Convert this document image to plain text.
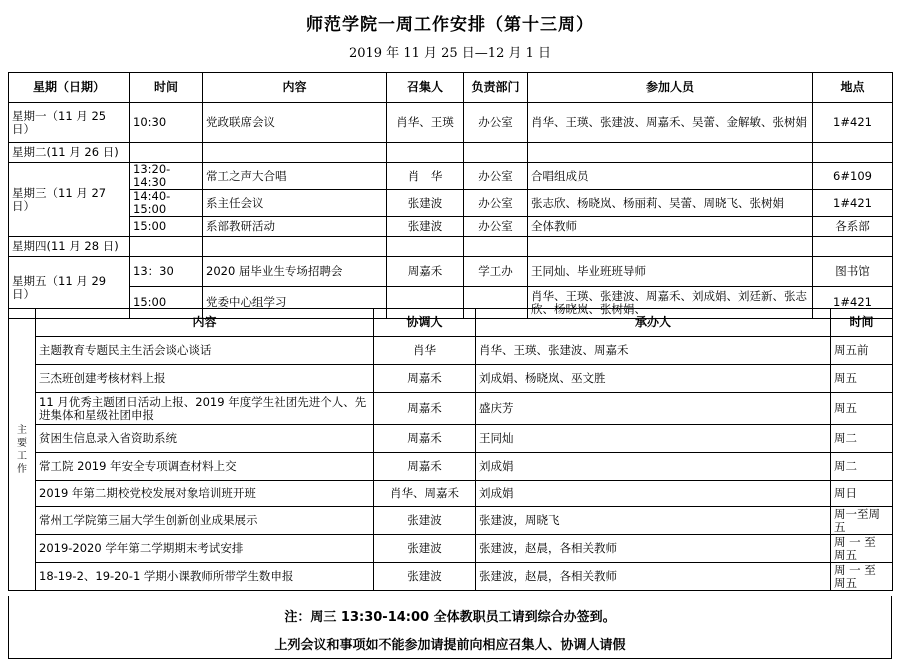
师范学院一周工作安排（第十三周）
2019 年 11 月 25 日—12 月 1 日
星期（日期）	时间	内容	召集人	负责部门	参加人员	地点
星期一（11 月 25 日）	10:30	党政联席会议	肖华、王瑛	办公室	肖华、王瑛、张建波、周嘉禾、吴蕾、金解敏、张树娟	1#421
星期二(11 月 26 日)						
星期三（11 月 27 日）	13:20-14:30	常工之声大合唱	肖　华	办公室	合唱组成员	6#109
	14:40-15:00	系主任会议	张建波	办公室	张志欣、杨晓岚、杨丽莉、吴蕾、周晓飞、张树娟	1#421
	15:00	系部教研活动	张建波	办公室	全体教师	各系部
星期四(11 月 28 日)						
星期五（11 月 29 日）	13：30	2020 届毕业生专场招聘会	周嘉禾	学工办	王同灿、毕业班班导师	图书馆
	15:00	党委中心组学习			肖华、王瑛、张建波、周嘉禾、刘成娟、刘廷新、张志欣、杨晓岚、张树娟、	1#421
主
要
工
作	内容	协调人	承办人	时间
	主题教育专题民主生活会谈心谈话	肖华	肖华、王瑛、张建波、周嘉禾	周五前
	三杰班创建考核材料上报	周嘉禾	刘成娟、杨晓岚、巫文胜	周五
	11 月优秀主题团日活动上报、2019 年度学生社团先进个人、先进集体和星级社团申报	周嘉禾	盛庆芳	周五
	贫困生信息录入省资助系统	周嘉禾	王同灿	周二
	常工院 2019 年安全专项调查材料上交	周嘉禾	刘成娟	周二
	2019 年第二期校党校发展对象培训班开班	肖华、周嘉禾	刘成娟	周日
	常州工学院第三届大学生创新创业成果展示	张建波	张建波，周晓飞	周一至周五
	2019-2020 学年第二学期期末考试安排	张建波	张建波，赵晨，各相关教师	周 一 至 周五
	18-19-2、19-20-1 学期小课教师所带学生数申报	张建波	张建波，赵晨，各相关教师	周 一 至 周五
注：周三 13:30-14:00 全体教职员工请到综合办签到。
上列会议和事项如不能参加请提前向相应召集人、协调人请假
